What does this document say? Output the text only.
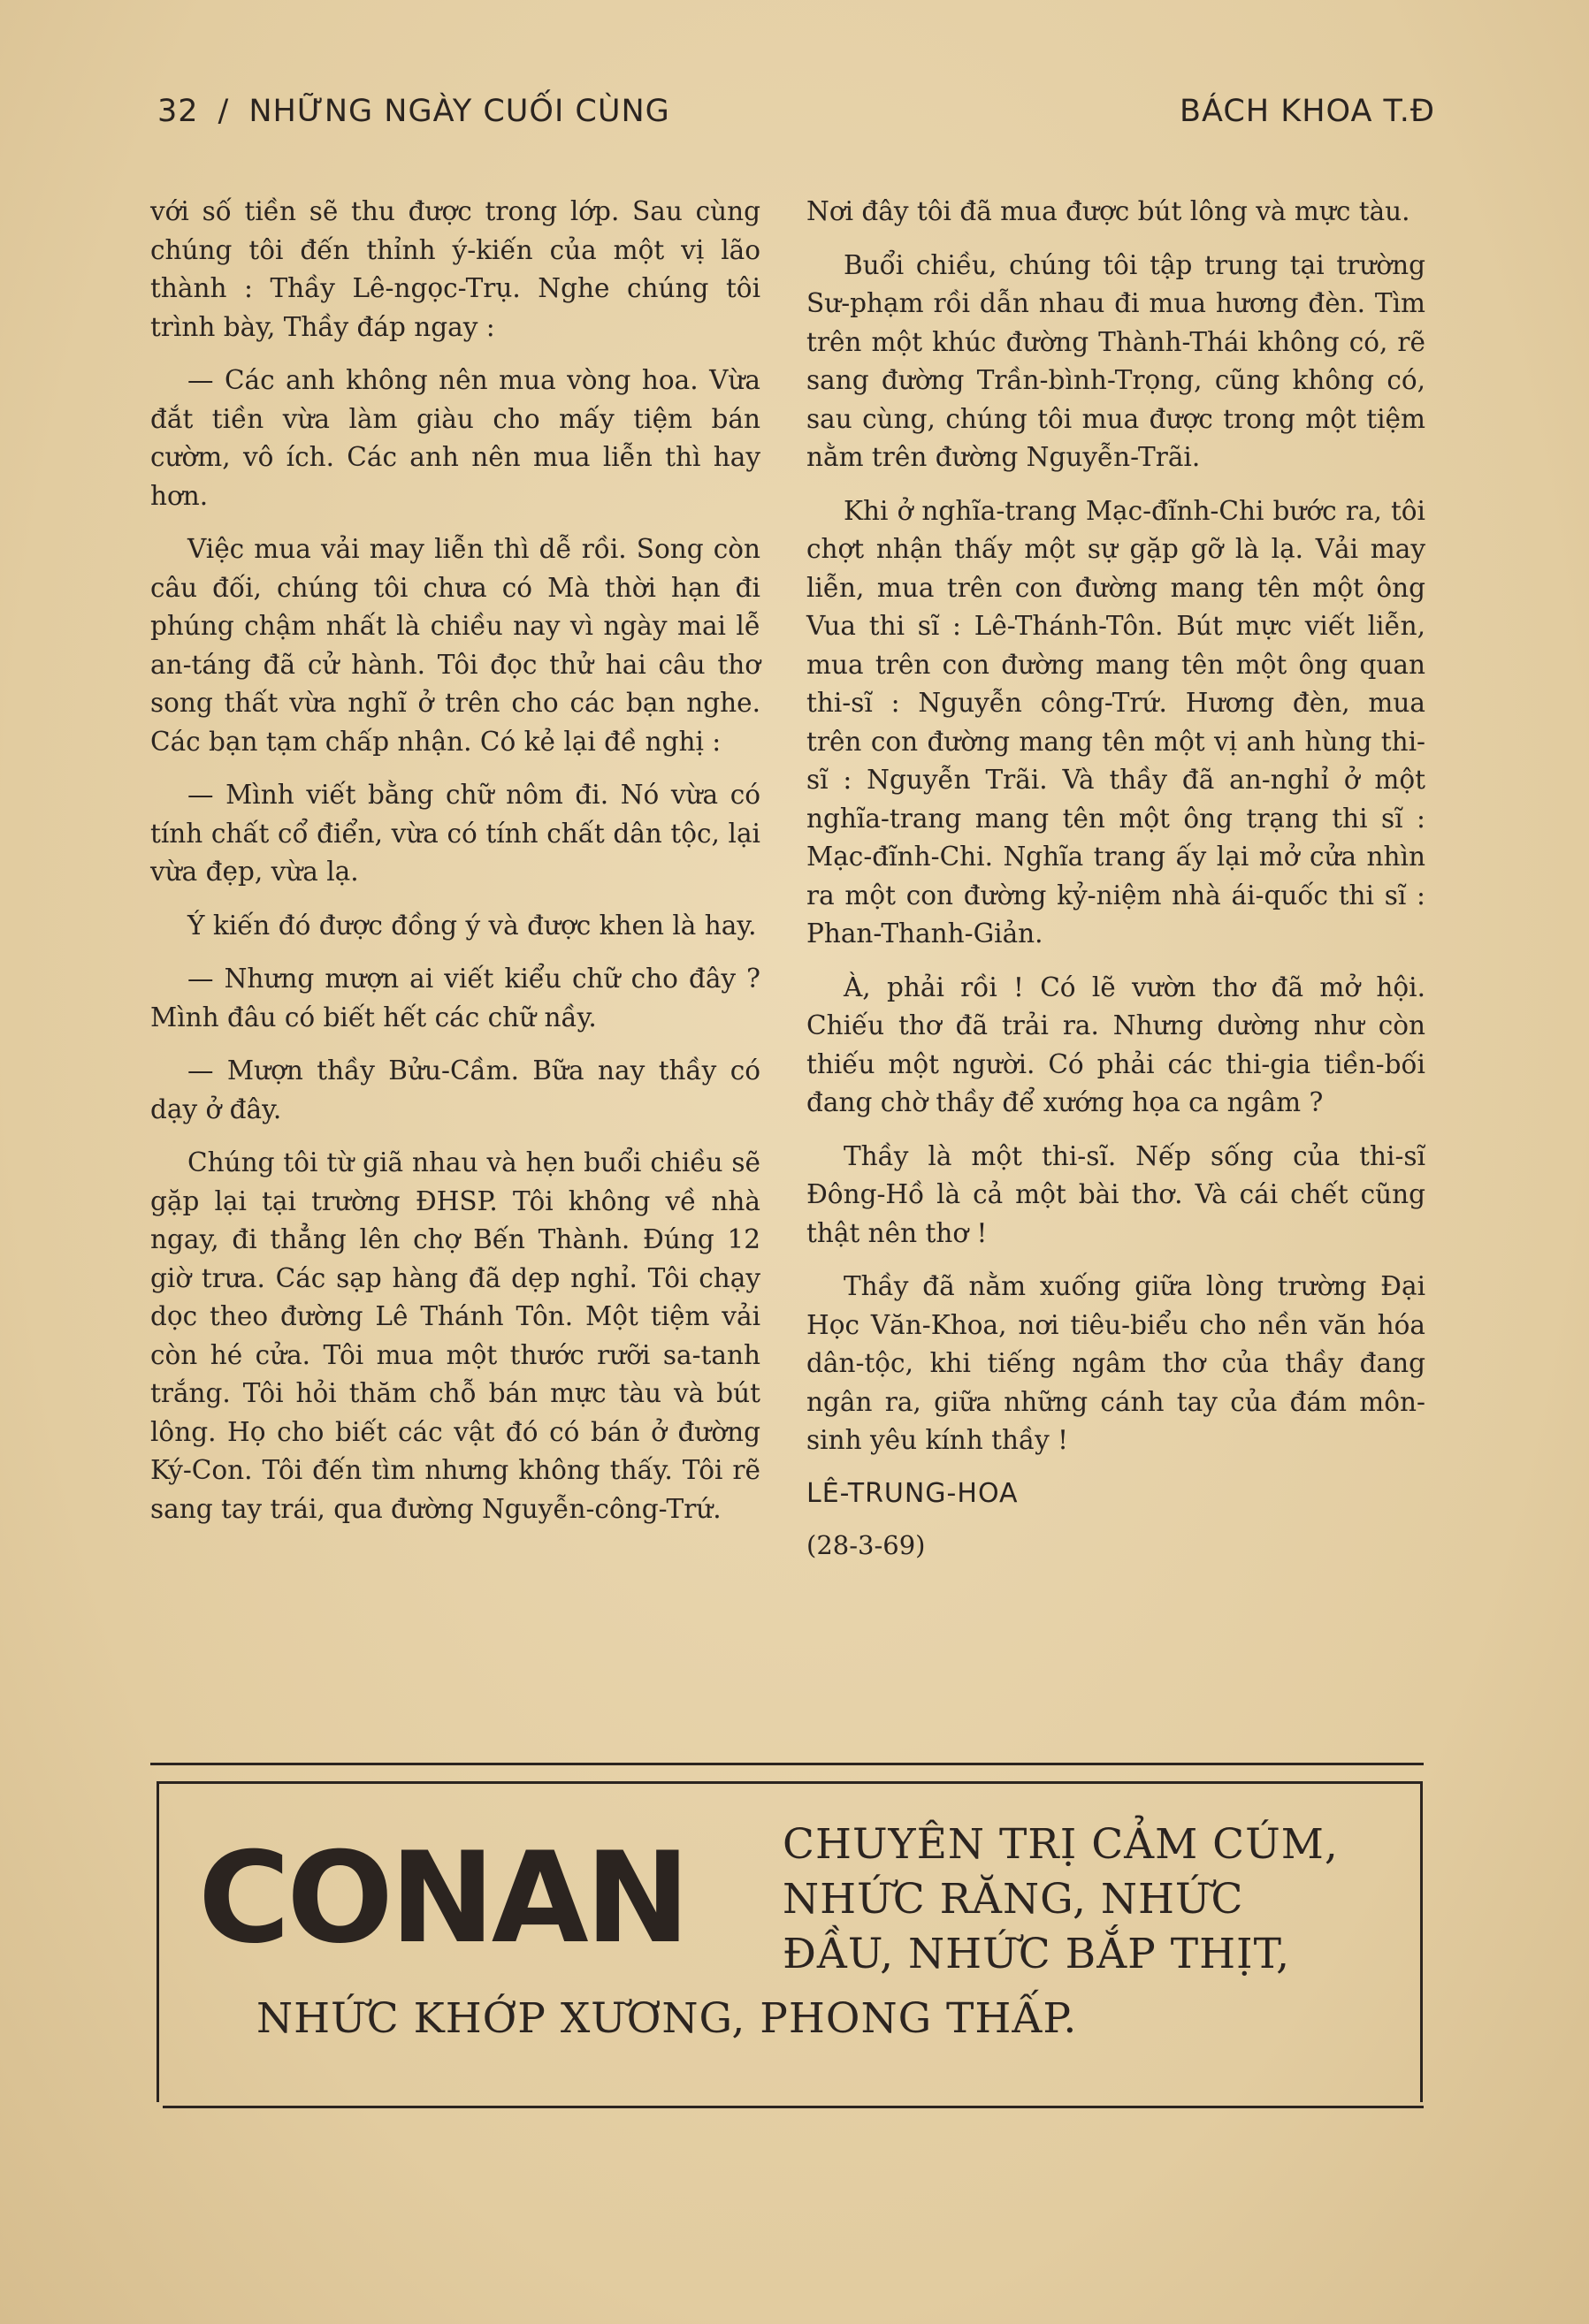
32 / NHỮNG NGÀY CUỐI CÙNG	BÁCH KHOA T.Đ

với số tiền sẽ thu được trong lớp. Sau cùng chúng tôi đến thỉnh ý-kiến của một vị lão thành : Thầy Lê-ngọc-Trụ. Nghe chúng tôi trình bày, Thầy đáp ngay :

— Các anh không nên mua vòng hoa. Vừa đắt tiền vừa làm giàu cho mấy tiệm bán cườm, vô ích. Các anh nên mua liễn thì hay hơn.

Việc mua vải may liễn thì dễ rồi. Song còn câu đối, chúng tôi chưa có Mà thời hạn đi phúng chậm nhất là chiều nay vì ngày mai lễ an-táng đã cử hành. Tôi đọc thử hai câu thơ song thất vừa nghĩ ở trên cho các bạn nghe. Các bạn tạm chấp nhận. Có kẻ lại đề nghị :

— Mình viết bằng chữ nôm đi. Nó vừa có tính chất cổ điển, vừa có tính chất dân tộc, lại vừa đẹp, vừa lạ.

Ý kiến đó được đồng ý và được khen là hay.

— Nhưng mượn ai viết kiểu chữ cho đây ? Mình đâu có biết hết các chữ nầy.

— Mượn thầy Bửu-Cầm. Bữa nay thầy có dạy ở đây.

Chúng tôi từ giã nhau và hẹn buổi chiều sẽ gặp lại tại trường ĐHSP. Tôi không về nhà ngay, đi thẳng lên chợ Bến Thành. Đúng 12 giờ trưa. Các sạp hàng đã dẹp nghỉ. Tôi chạy dọc theo đường Lê Thánh Tôn. Một tiệm vải còn hé cửa. Tôi mua một thước rưỡi sa-tanh trắng. Tôi hỏi thăm chỗ bán mực tàu và bút lông. Họ cho biết các vật đó có bán ở đường Ký-Con. Tôi đến tìm nhưng không thấy. Tôi rẽ sang tay trái, qua đường Nguyễn-công-Trứ.

Nơi đây tôi đã mua được bút lông và mực tàu.

Buổi chiều, chúng tôi tập trung tại trường Sư-phạm rồi dẫn nhau đi mua hương đèn. Tìm trên một khúc đường Thành-Thái không có, rẽ sang đường Trần-bình-Trọng, cũng không có, sau cùng, chúng tôi mua được trong một tiệm nằm trên đường Nguyễn-Trãi.

Khi ở nghĩa-trang Mạc-đĩnh-Chi bước ra, tôi chợt nhận thấy một sự gặp gỡ là lạ. Vải may liễn, mua trên con đường mang tên một ông Vua thi sĩ : Lê-Thánh-Tôn. Bút mực viết liễn, mua trên con đường mang tên một ông quan thi-sĩ : Nguyễn công-Trứ. Hương đèn, mua trên con đường mang tên một vị anh hùng thi-sĩ : Nguyễn Trãi. Và thầy đã an-nghỉ ở một nghĩa-trang mang tên một ông trạng thi sĩ : Mạc-đĩnh-Chi. Nghĩa trang ấy lại mở cửa nhìn ra một con đường kỷ-niệm nhà ái-quốc thi sĩ : Phan-Thanh-Giản.

À, phải rồi ! Có lẽ vườn thơ đã mở hội. Chiếu thơ đã trải ra. Nhưng dường như còn thiếu một người. Có phải các thi-gia tiền-bối đang chờ thầy để xướng họa ca ngâm ?

Thầy là một thi-sĩ. Nếp sống của thi-sĩ Đông-Hồ là cả một bài thơ. Và cái chết cũng thật nên thơ !

Thầy đã nằm xuống giữa lòng trường Đại Học Văn-Khoa, nơi tiêu-biểu cho nền văn hóa dân-tộc, khi tiếng ngâm thơ của thầy đang ngân ra, giữa những cánh tay của đám môn-sinh yêu kính thầy !

LÊ-TRUNG-HOA

(28-3-69)

CONAN CHUYÊN TRỊ CẢM CÚM,
NHỨC RĂNG, NHỨC
ĐẦU, NHỨC BẮP THỊT,
NHỨC KHỚP XƯƠNG, PHONG THẤP.
